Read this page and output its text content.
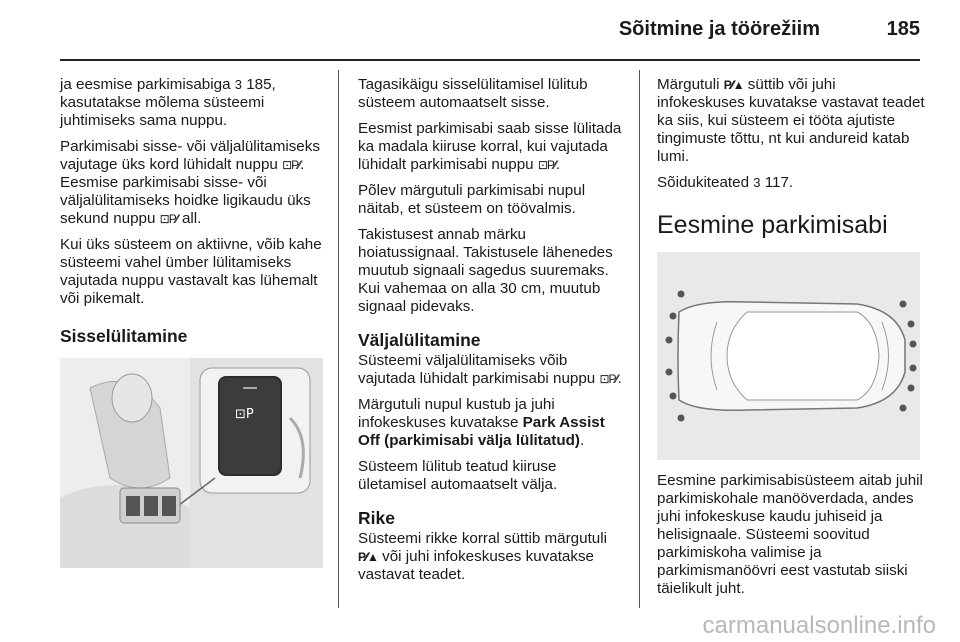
Sõitmine ja töörežiim	185

ja eesmise parkimisabiga 3 185, kasutatakse mõlema süsteemi juhtimiseks sama nuppu.

Parkimisabi sisse- või väljalülitamiseks vajutage üks kord lühidalt nuppu ⊡P⁄⁄. Eesmise parkimisabi sisse- või väljalülitamiseks hoidke ligikaudu üks sekund nuppu ⊡P⁄⁄ all.

Kui üks süsteem on aktiivne, võib kahe süsteemi vahel ümber lülitamiseks vajutada nuppu vastavalt kas lühemalt või pikemalt.

Sisselülitamine
⊡P

Tagasikäigu sisselülitamisel lülitub süsteem automaatselt sisse.

Eesmist parkimisabi saab sisse lülitada ka madala kiiruse korral, kui vajutada lühidalt parkimisabi nuppu ⊡P⁄⁄.

Põlev märgutuli parkimisabi nupul näitab, et süsteem on töövalmis.

Takistusest annab märku hoiatussignaal. Takistusele lähenedes muutub signaali sagedus suuremaks. Kui vahemaa on alla 30 cm, muutub signaal pidevaks.

Väljalülitamine

Süsteemi väljalülitamiseks võib vajutada lühidalt parkimisabi nuppu ⊡P⁄⁄.

Märgutuli nupul kustub ja juhi infokeskuses kuvatakse Park Assist Off (parkimisabi välja lülitatud).

Süsteem lülitub teatud kiiruse ületamisel automaatselt välja.

Rike

Süsteemi rikke korral süttib märgutuli P⁄⁄▲ või juhi infokeskuses kuvatakse vastavat teadet.

Märgutuli P⁄⁄▲ süttib või juhi infokeskuses kuvatakse vastavat teadet ka siis, kui süsteem ei tööta ajutiste tingimuste tõttu, nt kui andureid katab lumi.

Sõidukiteated 3 117.

Eesmine parkimisabi

Eesmine parkimisabisüsteem aitab juhil parkimiskohale manööverdada, andes juhi infokeskuse kaudu juhiseid ja helisignaale. Süsteemi soovitud parkimiskoha valimise ja parkimismanöövri eest vastutab siiski täielikult juht.

carmanualsonline.info
